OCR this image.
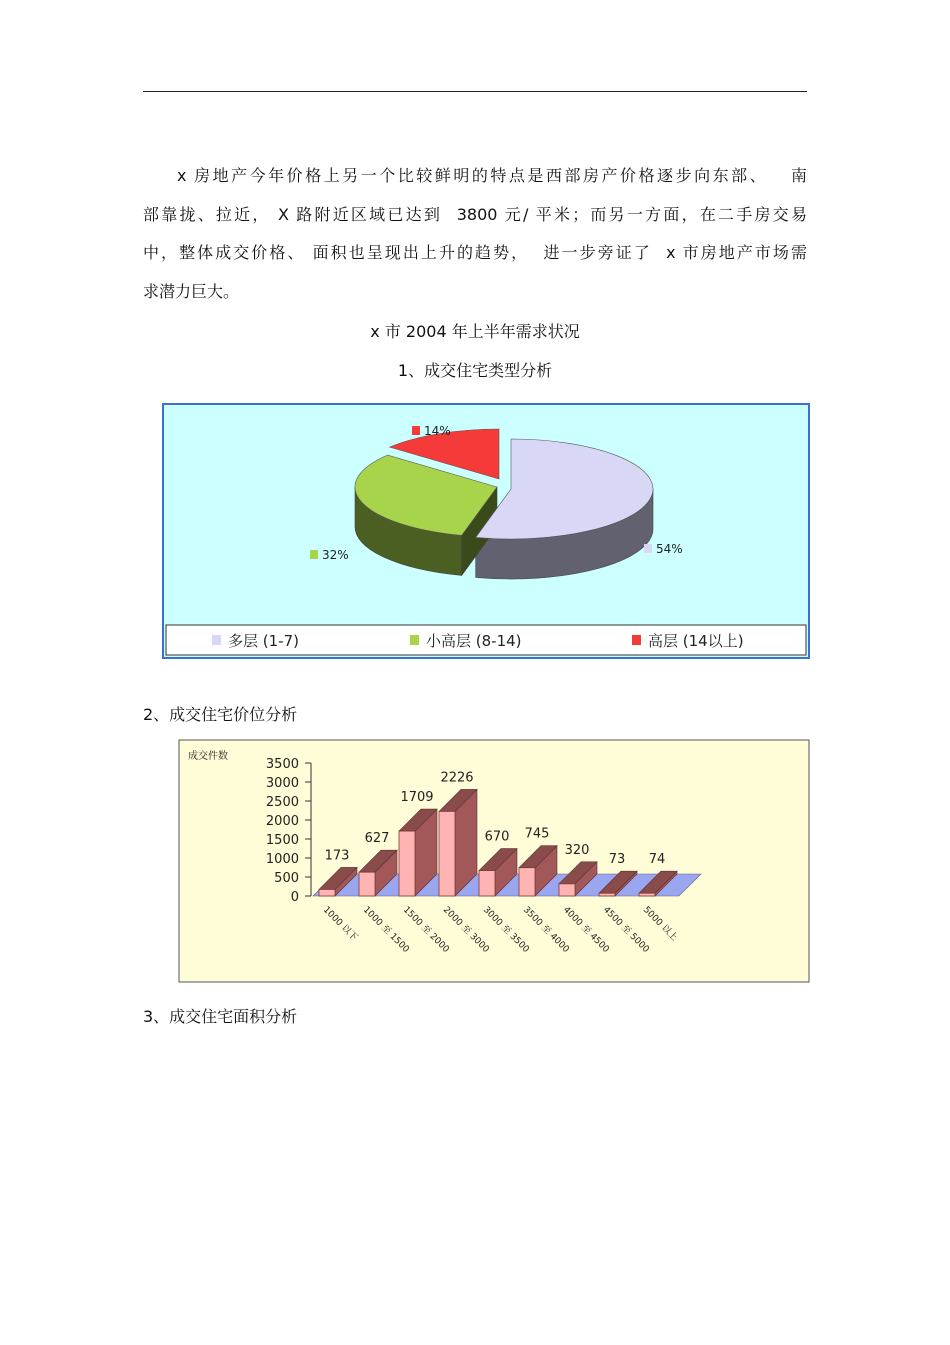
x 房地产今年价格上另一个比较鲜明的特点是西部房产价格逐步向东部、   南
部靠拢、拉近， X 路附近区域已达到  3800 元/ 平米；而另一方面，在二手房交易
中，整体成交价格、 面积也呈现出上升的趋势，  进一步旁证了  x 市房地产市场需
求潜力巨大。
x 市 2004 年上半年需求状况
1、成交住宅类型分析
54%
32%
14%
多层 (1-7)	小高层 (8-14)	高层 (14以上)
2、成交住宅价位分析
成交件数
3500
3000
2500
2000
1500
1000
500
0
173
627
1709
2226
670 745
320
73 74
1000 以下 1000 至 1500
1500 至 2000
2000 至 3000
3000 至 3500
3500 至 4000
4000 至 4500
4500 至 5000
5000 以上
3、成交住宅面积分析
